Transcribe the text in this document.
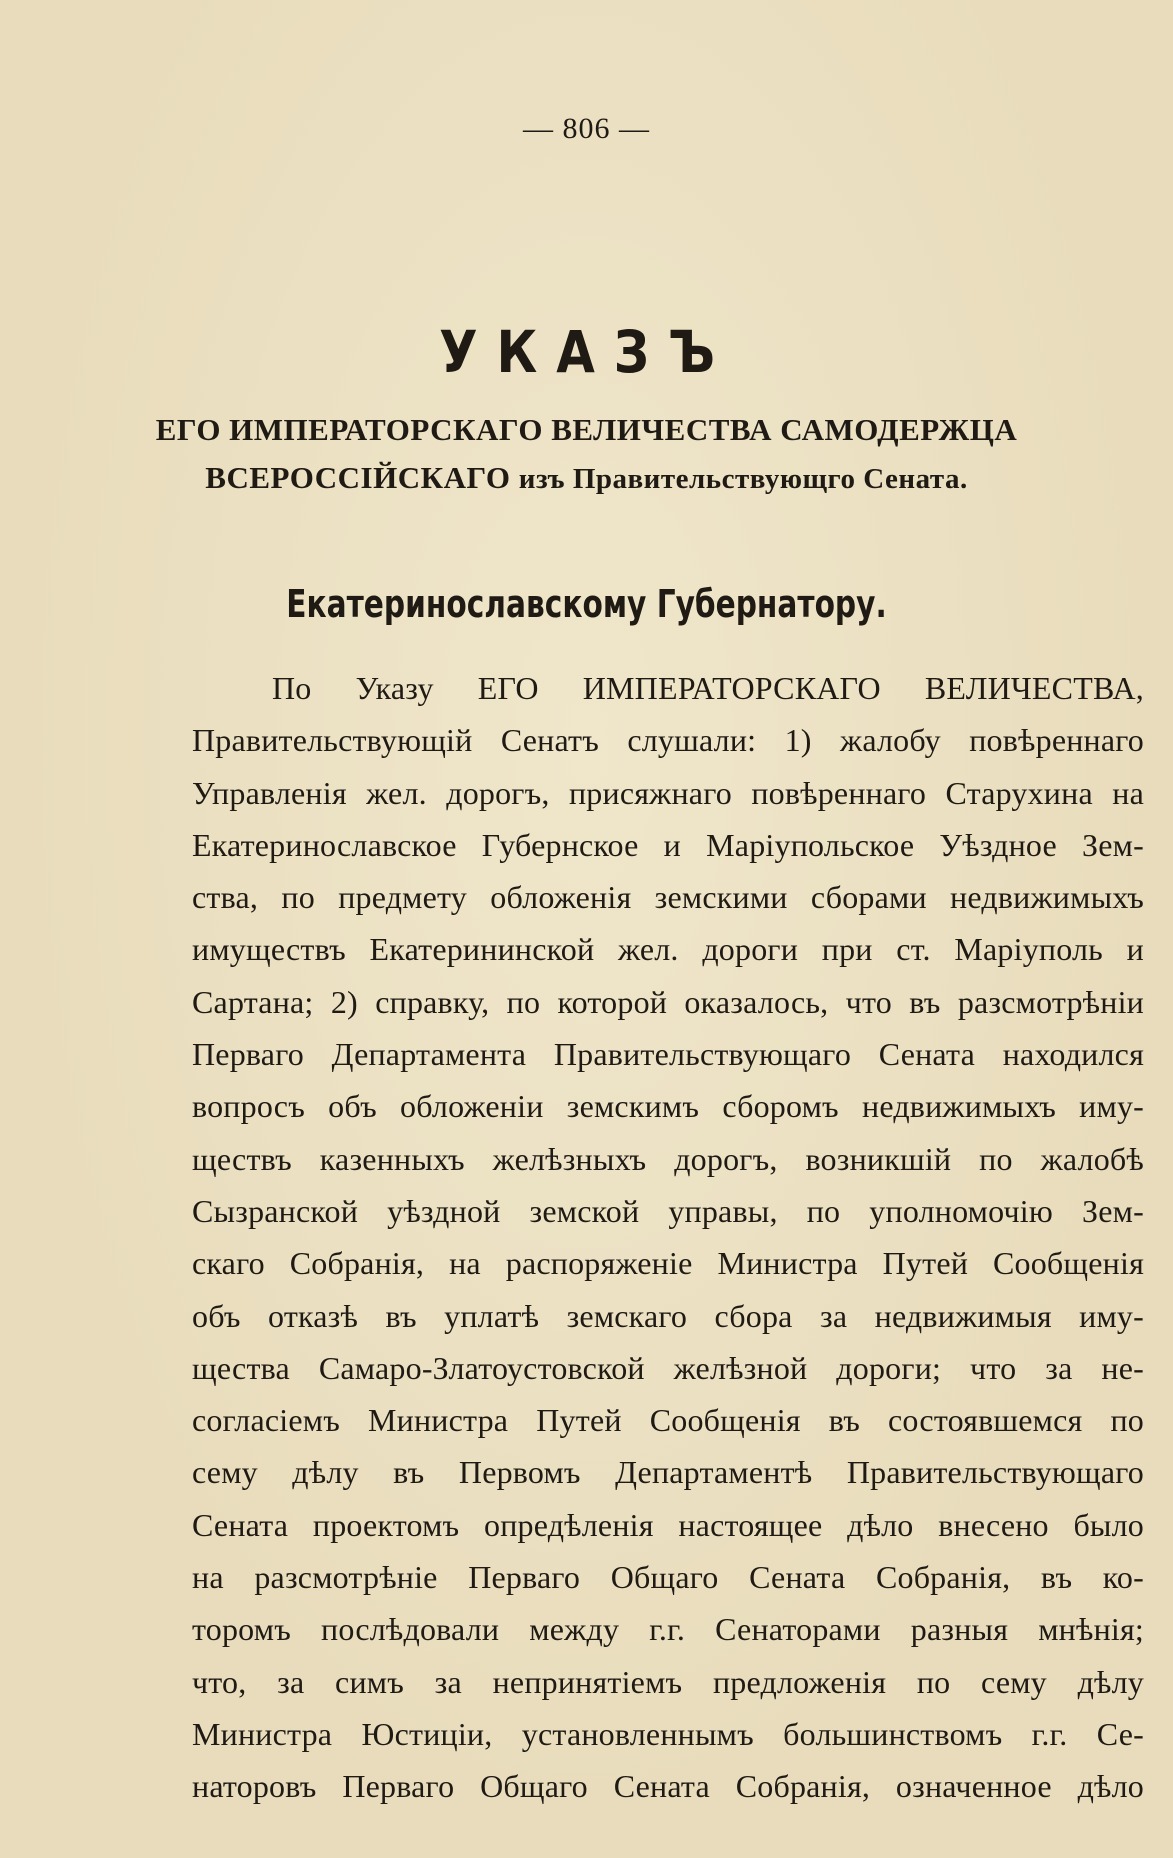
— 806 —
УКАЗЪ
ЕГО ИМПЕРАТОРСКАГО ВЕЛИЧЕСТВА САМОДЕРЖЦА
ВСЕРОССІЙСКАГО изъ Правительствующго Сената.
Екатеринославскому Губернатору.
По Указу ЕГО ИМПЕРАТОРСКАГО ВЕЛИЧЕСТВА,
Правительствующій Сенатъ слушали: 1) жалобу повѣреннаго
Управленія жел. дорогъ, присяжнаго повѣреннаго Старухина на
Екатеринославское Губернское и Маріупольское Уѣздное Зем-
ства, по предмету обложенія земскими сборами недвижимыхъ
имуществъ Екатерининской жел. дороги при ст. Маріуполь и
Сартана; 2) справку, по которой оказалось, что въ разсмотрѣніи
Перваго Департамента Правительствующаго Сената находился
вопросъ объ обложеніи земскимъ сборомъ недвижимыхъ иму-
ществъ казенныхъ желѣзныхъ дорогъ, возникшій по жалобѣ
Сызранской уѣздной земской управы, по уполномочію Зем-
скаго Собранія, на распоряженіе Министра Путей Сообщенія
объ отказѣ въ уплатѣ земскаго сбора за недвижимыя иму-
щества Самаро-Златоустовской желѣзной дороги; что за не-
согласіемъ Министра Путей Сообщенія въ состоявшемся по
сему дѣлу въ Первомъ Департаментѣ Правительствующаго
Сената проектомъ опредѣленія настоящее дѣло внесено было
на разсмотрѣніе Перваго Общаго Сената Собранія, въ ко-
торомъ послѣдовали между г.г. Сенаторами разныя мнѣнія;
что, за симъ за непринятіемъ предложенія по сему дѣлу
Министра Юстиціи, установленнымъ большинствомъ г.г. Се-
наторовъ Перваго Общаго Сената Собранія, означенное дѣло
